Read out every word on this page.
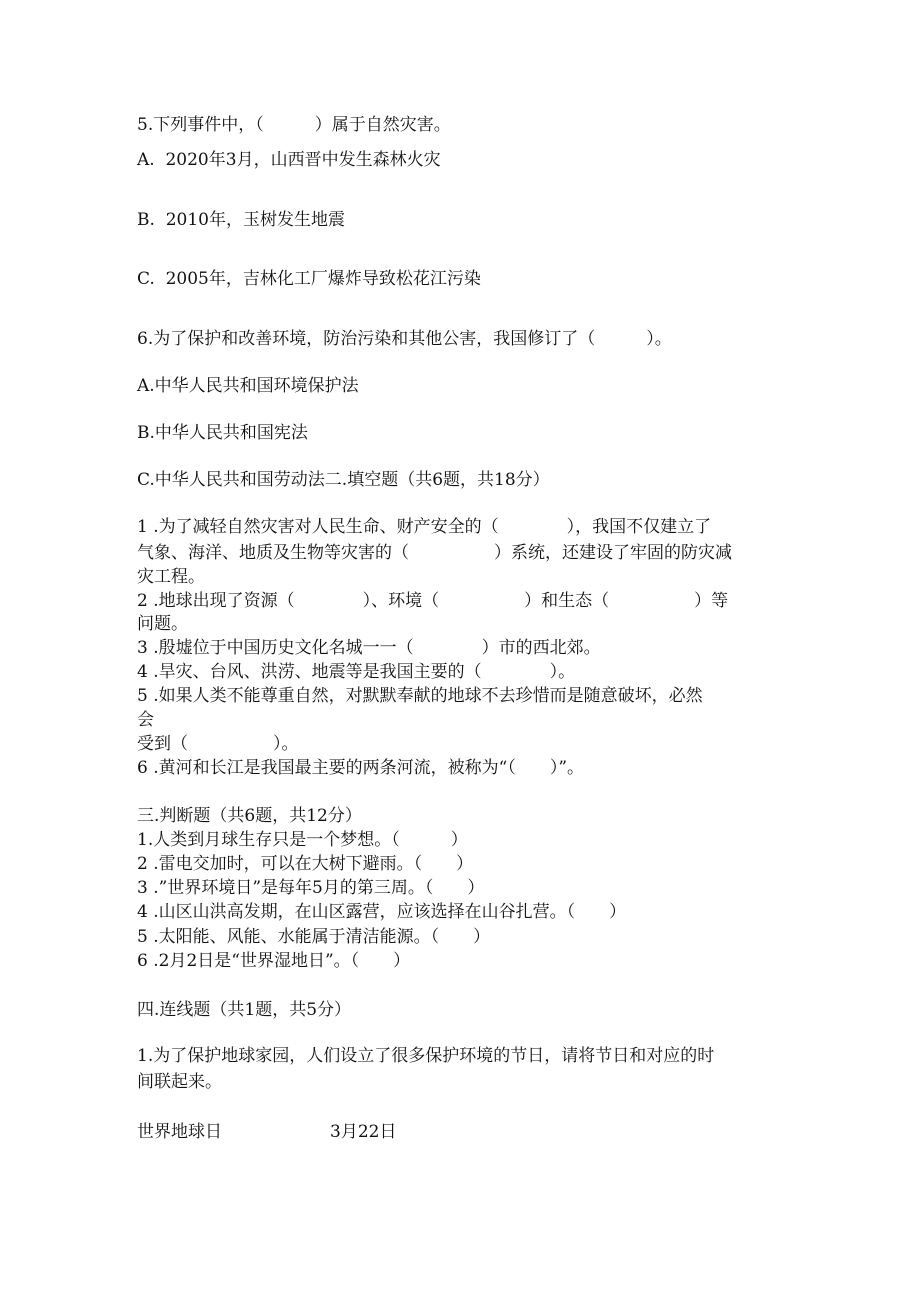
5.下列事件中，（　　　）属于自然灾害。

A.  2020年3月，山西晋中发生森林火灾

B.  2010年，玉树发生地震

C.  2005年，吉林化工厂爆炸导致松花江污染

6.为了保护和改善环境，防治污染和其他公害，我国修订了（　　　）。

A.中华人民共和国环境保护法

B.中华人民共和国宪法

C.中华人民共和国劳动法二.填空题（共6题，共18分）

1 .为了减轻自然灾害对人民生命、财产安全的（　　　　），我国不仅建立了

气象、海洋、地质及生物等灾害的（　　　　　）系统，还建设了牢固的防灾减

灾工程。

2 .地球出现了资源（　　　　）、环境（　　　　　）和生态（　　　　　）等

问题。

3 .殷墟位于中国历史文化名城一一（　　　　）市的西北郊。

4 .旱灾、台风、洪涝、地震等是我国主要的（　　　　）。

5 .如果人类不能尊重自然，对默默奉献的地球不去珍惜而是随意破坏，必然

会

受到（　　　　　）。

6 .黄河和长江是我国最主要的两条河流，被称为“（　　）”。

三.判断题（共6题，共12分）

1.人类到月球生存只是一个梦想。（　　　）

2 .雷电交加时，可以在大树下避雨。（　　）

3 .”世界环境日”是每年5月的第三周。（　　）

4 .山区山洪高发期，在山区露营，应该选择在山谷扎营。（　　）

5 .太阳能、风能、水能属于清洁能源。（　　）

6 .2月2日是“世界湿地日”。（　　）

四.连线题（共1题，共5分）

1.为了保护地球家园，人们设立了很多保护环境的节日，请将节日和对应的时

间联起来。

世界地球日	3月22日
